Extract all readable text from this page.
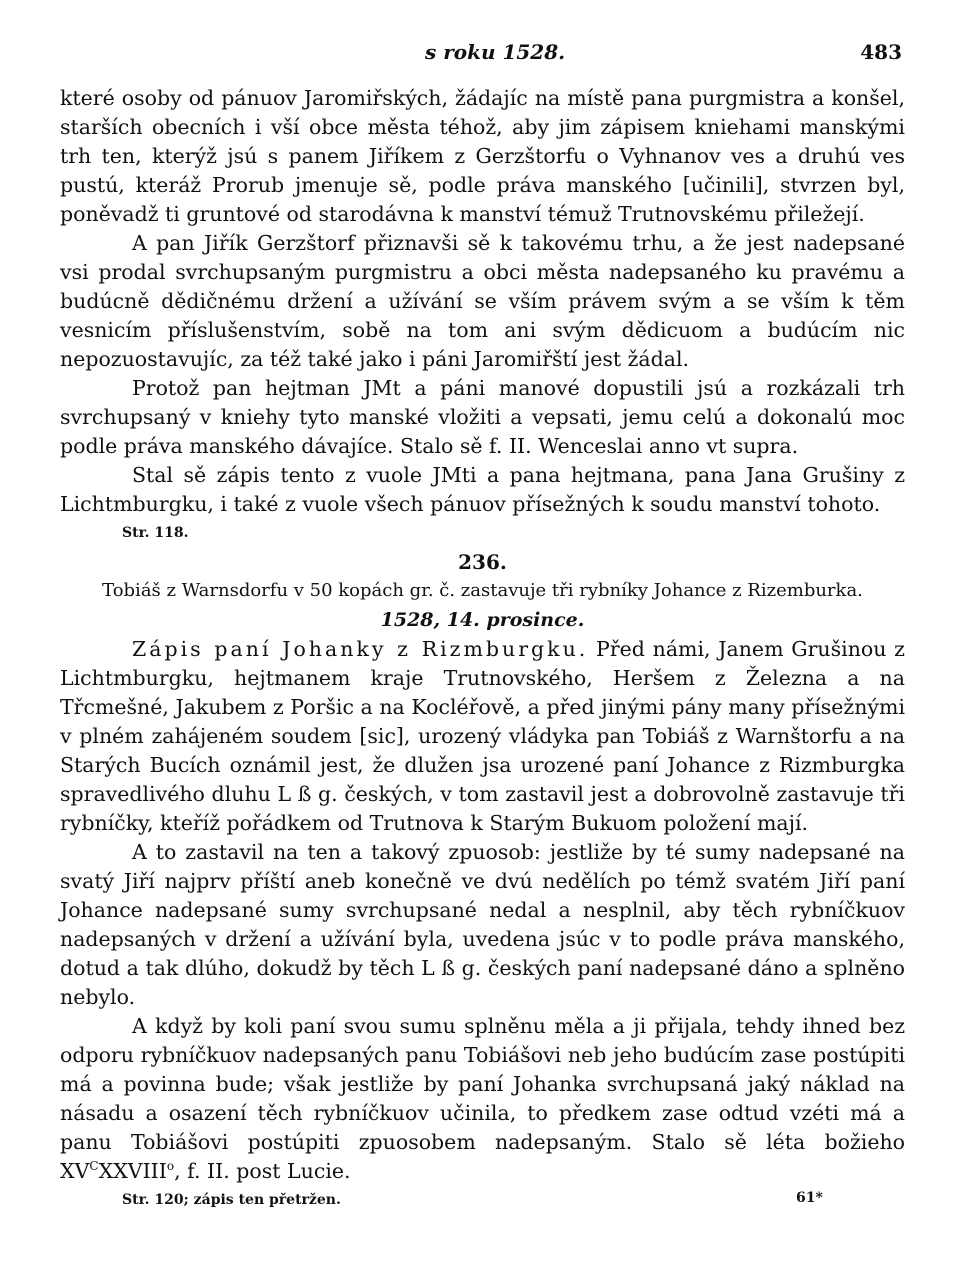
s roku 1528.	483

které osoby od pánuov Jaromiřských, žádajíc na místě pana purgmistra a konšel, starších obecních i vší obce města téhož, aby jim zápisem kniehami manskými trh ten, kterýž jsú s panem Jiříkem z Gerzštorfu o Vyhnanov ves a druhú ves pustú, kteráž Prorub jmenuje sě, podle práva manského [učinili], stvrzen byl, poněvadž ti gruntové od starodávna k manství témuž Trutnovskému přiležejí.

A pan Jiřík Gerzštorf přiznavši sě k takovému trhu, a že jest nadepsané vsi prodal svrchupsaným purgmistru a obci města nadepsaného ku pravému a budúcně dědičnému držení a užívání se vším právem svým a se vším k těm vesnicím příslušenstvím, sobě na tom ani svým dědicuom a budúcím nic nepozuostavujíc, za též také jako i páni Jaromiřští jest žádal.

Protož pan hejtman JMt a páni manové dopustili jsú a rozkázali trh svrchupsaný v kniehy tyto manské vložiti a vepsati, jemu celú a dokonalú moc podle práva manského dávajíce. Stalo sě f. II. Wenceslai anno vt supra.

Stal sě zápis tento z vuole JMti a pana hejtmana, pana Jana Grušiny z Lichtmburgku, i také z vuole všech pánuov přísežných k soudu manství tohoto.

Str. 118.
236.
Tobiáš z Warnsdorfu v 50 kopách gr. č. zastavuje tři rybníky Johance z Rizemburka.
1528, 14. prosince.

Zápis paní Johanky z Rizmburgku. Před námi, Janem Grušinou z Lichtmburgku, hejtmanem kraje Trutnovského, Heršem z Železna a na Třcmešné, Jakubem z Poršic a na Kocléřově, a před jinými pány many přísežnými v plném zahájeném soudem [sic], urozený vládyka pan Tobiáš z Warnštorfu a na Starých Bucích oznámil jest, že dlužen jsa urozené paní Johance z Rizmburgka spravedlivého dluhu L ß g. českých, v tom zastavil jest a dobrovolně zastavuje tři rybníčky, kteříž pořádkem od Trutnova k Starým Bukuom položení mají.

A to zastavil na ten a takový zpuosob: jestliže by té sumy nadepsané na svatý Jiří najprv příští aneb konečně ve dvú nedělích po témž svatém Jiří paní Johance nadepsané sumy svrchupsané nedal a nesplnil, aby těch rybníčkuov nadepsaných v držení a užívání byla, uvedena jsúc v to podle práva manského, dotud a tak dlúho, dokudž by těch L ß g. českých paní nadepsané dáno a splněno nebylo.

A když by koli paní svou sumu splněnu měla a ji přijala, tehdy ihned bez odporu rybníčkuov nadepsaných panu Tobiášovi neb jeho budúcím zase postúpiti má a povinna bude; však jestliže by paní Johanka svrchupsaná jaký náklad na násadu a osazení těch rybníčkuov učinila, to předkem zase odtud vzéti má a panu Tobiášovi postúpiti zpuosobem nadepsaným. Stalo sě léta božieho $XV^CXXVIII^o$, f. II. post Lucie.

Str. 120; zápis ten přetržen.	61*
